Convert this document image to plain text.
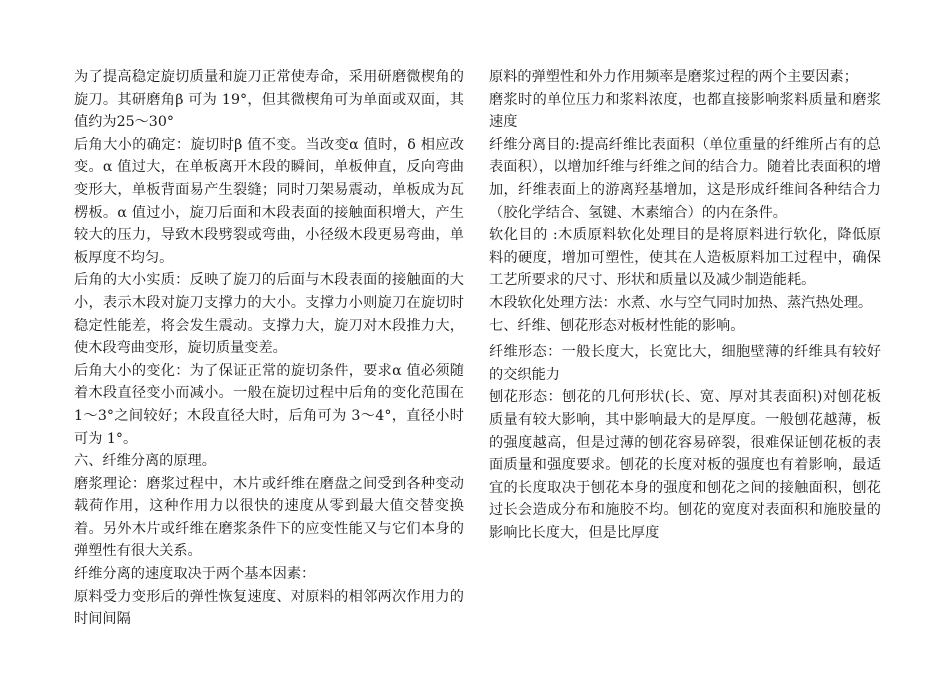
为了提高稳定旋切质量和旋刀正常使寿命，采用研磨微楔角的旋刀。其研磨角β 可为 19°，但其微楔角可为单面或双面，其值约为25～30°

后角大小的确定：旋切时β 值不变。当改变α 值时，δ 相应改变。α 值过大，在单板离开木段的瞬间，单板伸直，反向弯曲变形大，单板背面易产生裂缝；同时刀架易震动，单板成为瓦楞板。α 值过小，旋刀后面和木段表面的接触面积增大，产生较大的压力，导致木段劈裂或弯曲，小径级木段更易弯曲，单板厚度不均匀。

后角的大小实质：反映了旋刀的后面与木段表面的接触面的大小，表示木段对旋刀支撑力的大小。支撑力小则旋刀在旋切时稳定性能差，将会发生震动。支撑力大，旋刀对木段推力大，使木段弯曲变形，旋切质量变差。

后角大小的变化：为了保证正常的旋切条件，要求α 值必须随着木段直径变小而减小。一般在旋切过程中后角的变化范围在 1～3°之间较好；木段直径大时，后角可为 3～4°，直径小时可为 1°。

六、纤维分离的原理。

磨浆理论：磨浆过程中，木片或纤维在磨盘之间受到各种变动载荷作用，这种作用力以很快的速度从零到最大值交替变换着。另外木片或纤维在磨浆条件下的应变性能又与它们本身的弹塑性有很大关系。

纤维分离的速度取决于两个基本因素：

原料受力变形后的弹性恢复速度、对原料的相邻两次作用力的时间间隔

原料的弹塑性和外力作用频率是磨浆过程的两个主要因素；

磨浆时的单位压力和浆料浓度，也都直接影响浆料质量和磨浆速度

纤维分离目的:提高纤维比表面积（单位重量的纤维所占有的总表面积），以增加纤维与纤维之间的结合力。随着比表面积的增加，纤维表面上的游离羟基增加，这是形成纤维间各种结合力（胶化学结合、氢键、木素缩合）的内在条件。

软化目的 :木质原料软化处理目的是将原料进行软化，降低原料的硬度，增加可塑性，使其在人造板原料加工过程中，确保工艺所要求的尺寸、形状和质量以及减少制造能耗。

木段软化处理方法：水煮、水与空气同时加热、蒸汽热处理。

七、纤维、刨花形态对板材性能的影响。

纤维形态：一般长度大，长宽比大，细胞壁薄的纤维具有较好的交织能力

刨花形态：刨花的几何形状(长、宽、厚对其表面积)对刨花板质量有较大影响，其中影响最大的是厚度。一般刨花越薄，板的强度越高，但是过薄的刨花容易碎裂，很难保证刨花板的表面质量和强度要求。刨花的长度对板的强度也有着影响，最适宜的长度取决于刨花本身的强度和刨花之间的接触面积，刨花过长会造成分布和施胶不均。刨花的宽度对表面积和施胶量的影响比长度大，但是比厚度
